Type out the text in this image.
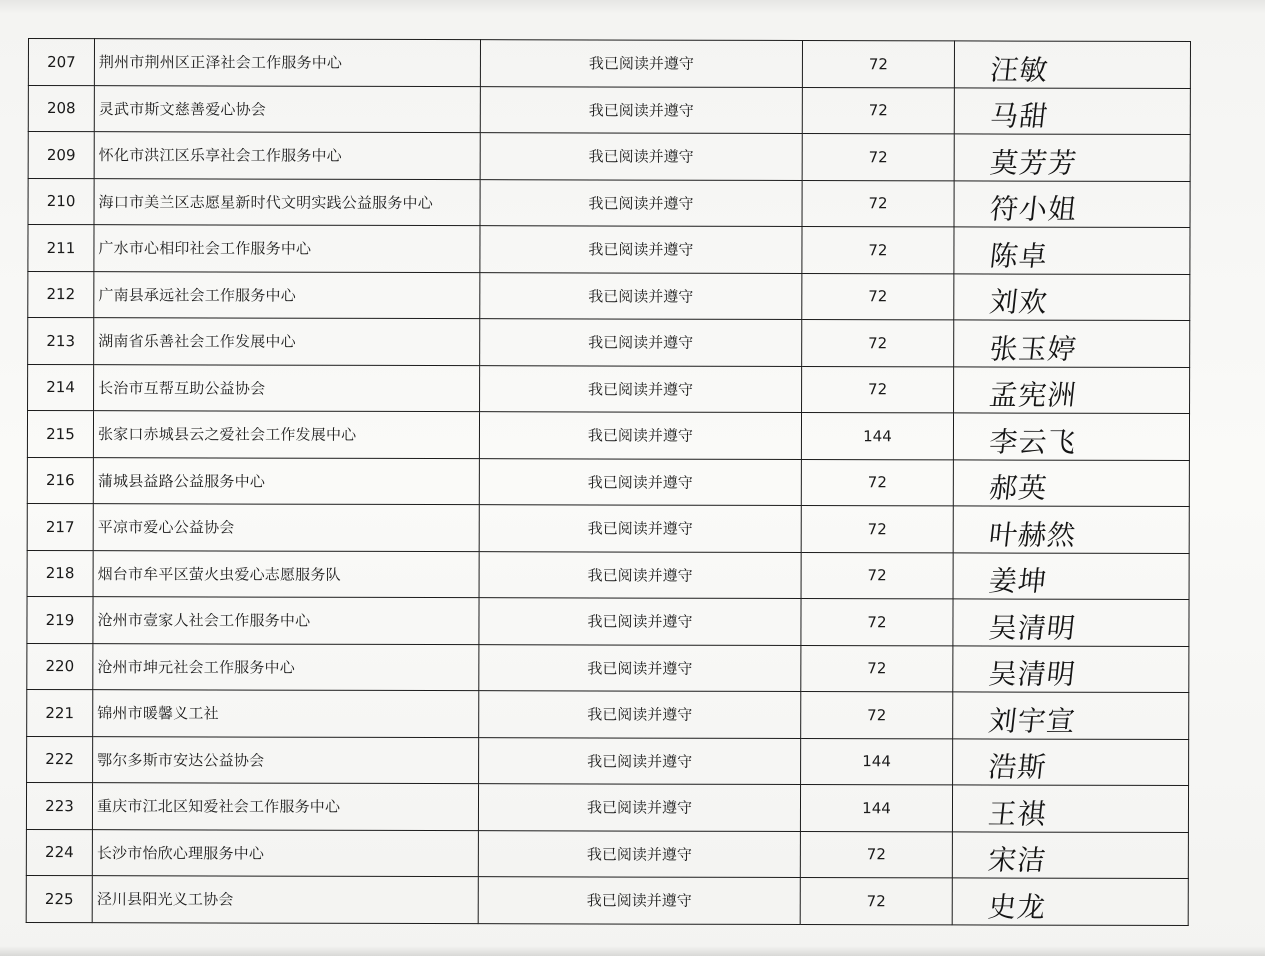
207	荆州市荆州区正泽社会工作服务中心	我已阅读并遵守	72	汪敏
208	灵武市斯文慈善爱心协会	我已阅读并遵守	72	马甜
209	怀化市洪江区乐享社会工作服务中心	我已阅读并遵守	72	莫芳芳
210	海口市美兰区志愿星新时代文明实践公益服务中心	我已阅读并遵守	72	符小姐
211	广水市心相印社会工作服务中心	我已阅读并遵守	72	陈卓
212	广南县承远社会工作服务中心	我已阅读并遵守	72	刘欢
213	湖南省乐善社会工作发展中心	我已阅读并遵守	72	张玉婷
214	长治市互帮互助公益协会	我已阅读并遵守	72	孟宪洲
215	张家口赤城县云之爱社会工作发展中心	我已阅读并遵守	144	李云飞
216	蒲城县益路公益服务中心	我已阅读并遵守	72	郝英
217	平凉市爱心公益协会	我已阅读并遵守	72	叶赫然
218	烟台市牟平区萤火虫爱心志愿服务队	我已阅读并遵守	72	姜坤
219	沧州市壹家人社会工作服务中心	我已阅读并遵守	72	吴清明
220	沧州市坤元社会工作服务中心	我已阅读并遵守	72	吴清明
221	锦州市暖馨义工社	我已阅读并遵守	72	刘宇宣
222	鄂尔多斯市安达公益协会	我已阅读并遵守	144	浩斯
223	重庆市江北区知爱社会工作服务中心	我已阅读并遵守	144	王祺
224	长沙市怡欣心理服务中心	我已阅读并遵守	72	宋洁
225	泾川县阳光义工协会	我已阅读并遵守	72	史龙
